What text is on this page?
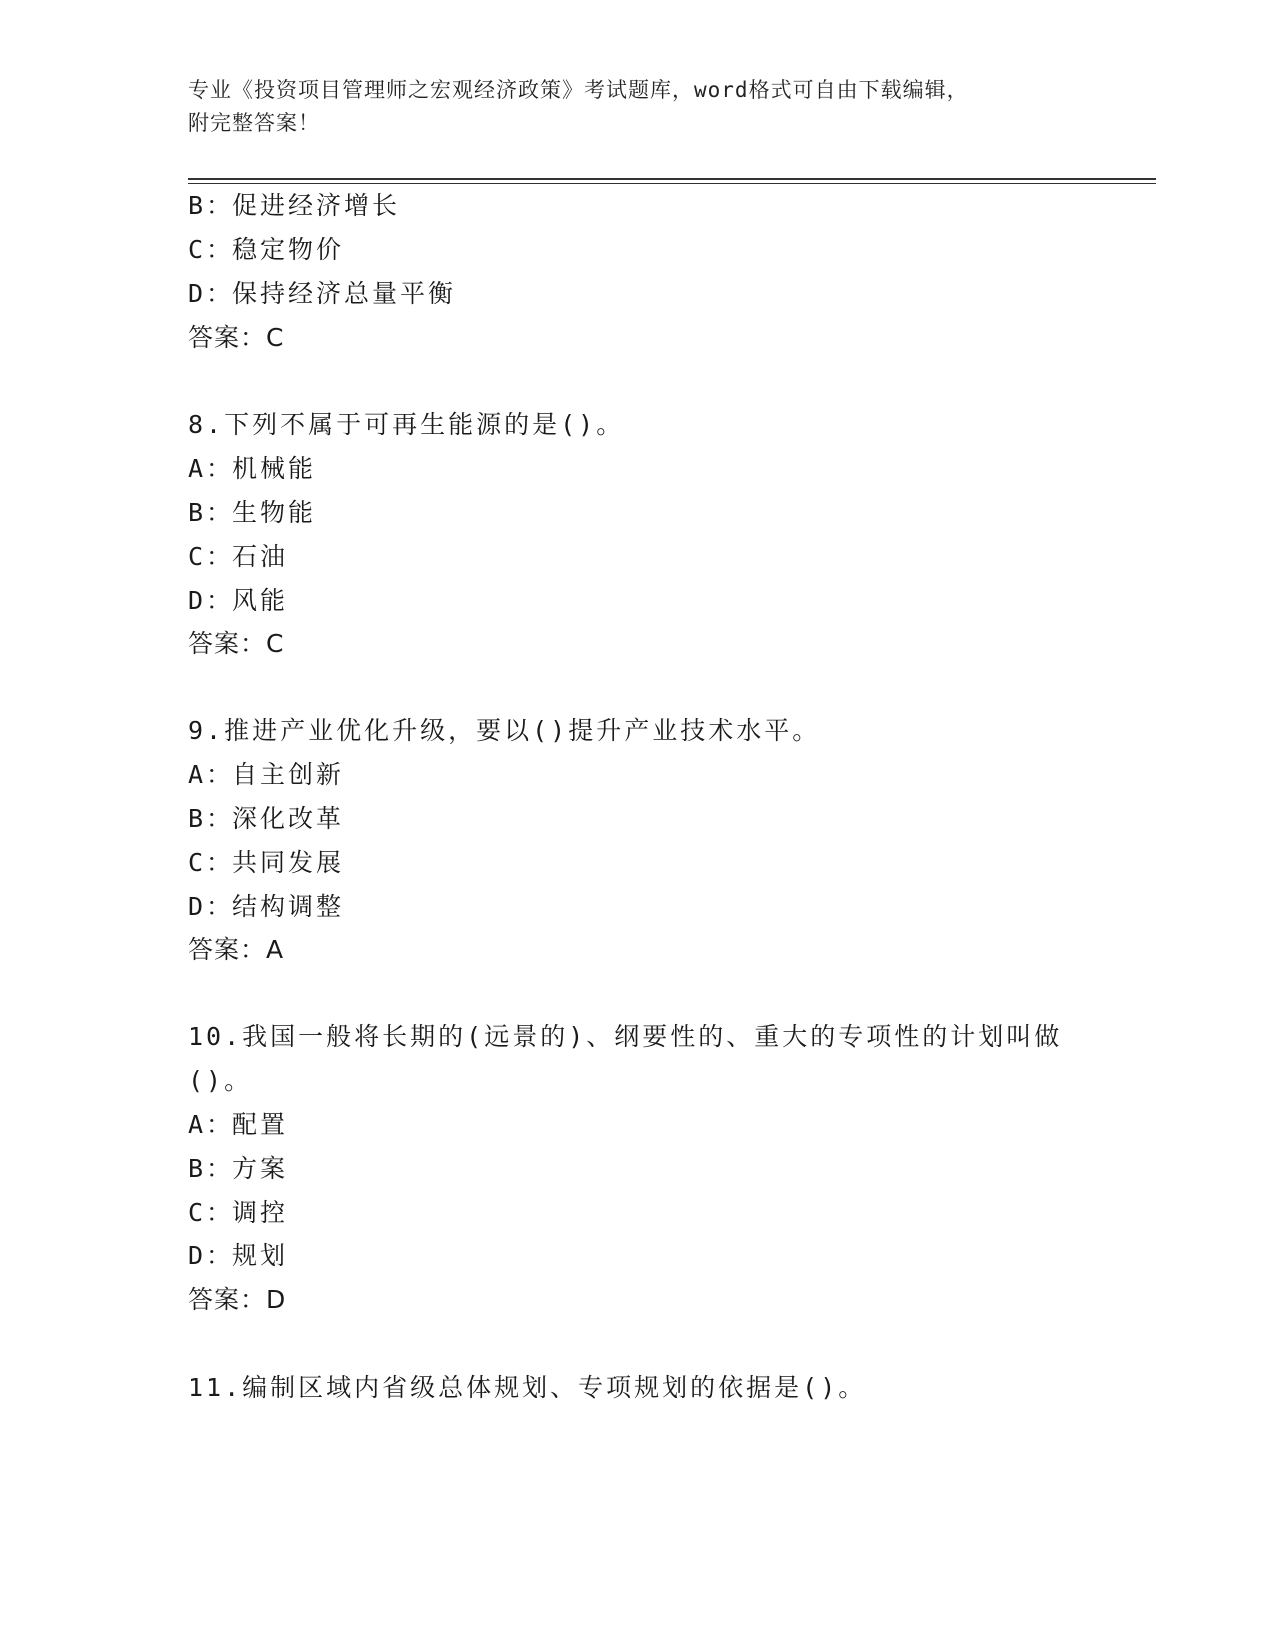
专业《投资项目管理师之宏观经济政策》考试题库，word格式可自由下载编辑，
附完整答案！
B：促进经济增长
C：稳定物价
D：保持经济总量平衡
答案：C
8.下列不属于可再生能源的是()。
A：机械能
B：生物能
C：石油
D：风能
答案：C
9.推进产业优化升级，要以()提升产业技术水平。
A：自主创新
B：深化改革
C：共同发展
D：结构调整
答案：A
10.我国一般将长期的(远景的)、纲要性的、重大的专项性的计划叫做
()。
A：配置
B：方案
C：调控
D：规划
答案：D
11.编制区域内省级总体规划、专项规划的依据是()。
